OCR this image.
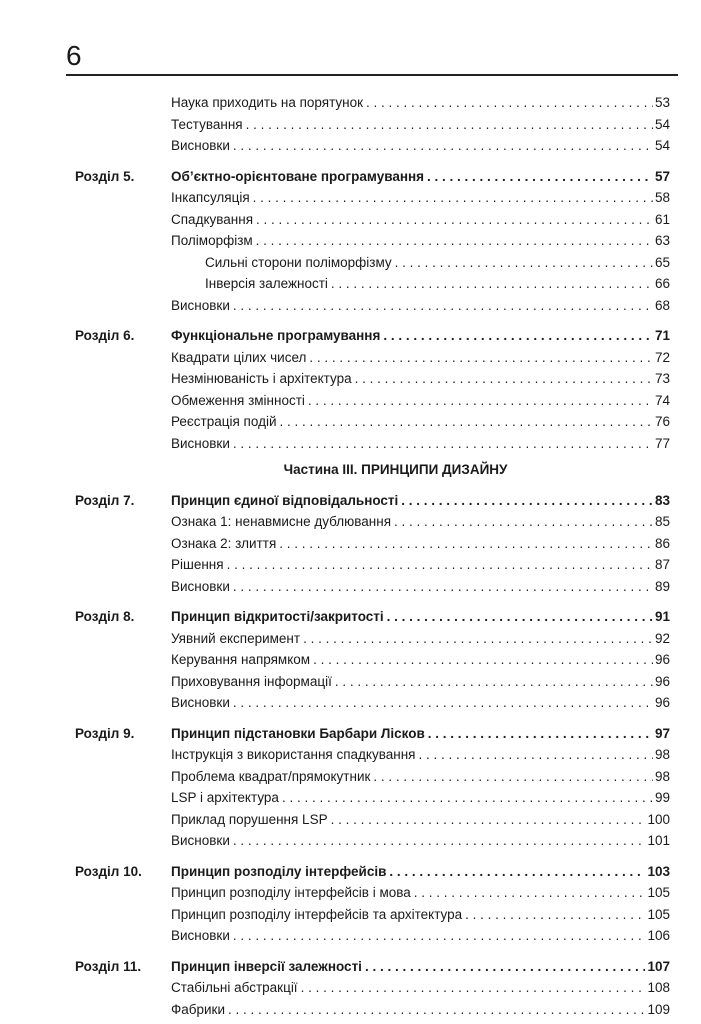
6
Наука приходить на порятунок . . .	53
Тестування . . .	54
Висновки . . .	54
Розділ 5.	Об’єктно-орієнтоване програмування . . .	57
Інкапсуляція . . .	58
Спадкування . . .	61
Поліморфізм . . .	63
Сильні сторони поліморфізму . . .	65
Інверсія залежності . . .	66
Висновки . . .	68
Розділ 6.	Функціональне програмування . . .	71
Квадрати цілих чисел . . .	72
Незмінюваність і архітектура . . .	73
Обмеження змінності . . .	74
Реєстрація подій . . .	76
Висновки . . .	77
Частина III. ПРИНЦИПИ ДИЗАЙНУ
Розділ 7.	Принцип єдиної відповідальності . . .	83
Ознака 1: ненавмисне дублювання . . .	85
Ознака 2: злиття . . .	86
Рішення . . .	87
Висновки . . .	89
Розділ 8.	Принцип відкритості/закритості . . .	91
Уявний експеримент . . .	92
Керування напрямком . . .	96
Приховування інформації . . .	96
Висновки . . .	96
Розділ 9.	Принцип підстановки Барбари Лісков . . .	97
Інструкція з використання спадкування . . .	98
Проблема квадрат/прямокутник . . .	98
LSP і архітектура . . .	99
Приклад порушення LSP . . .	100
Висновки . . .	101
Розділ 10. Принцип розподілу інтерфейсів . . .	103
Принцип розподілу інтерфейсів і мова . . .	105
Принцип розподілу інтерфейсів та архітектура . . .	105
Висновки . . .	106
Розділ 11. Принцип інверсії залежності . . .	107
Стабільні абстракції . . .	108
Фабрики . . .	109
